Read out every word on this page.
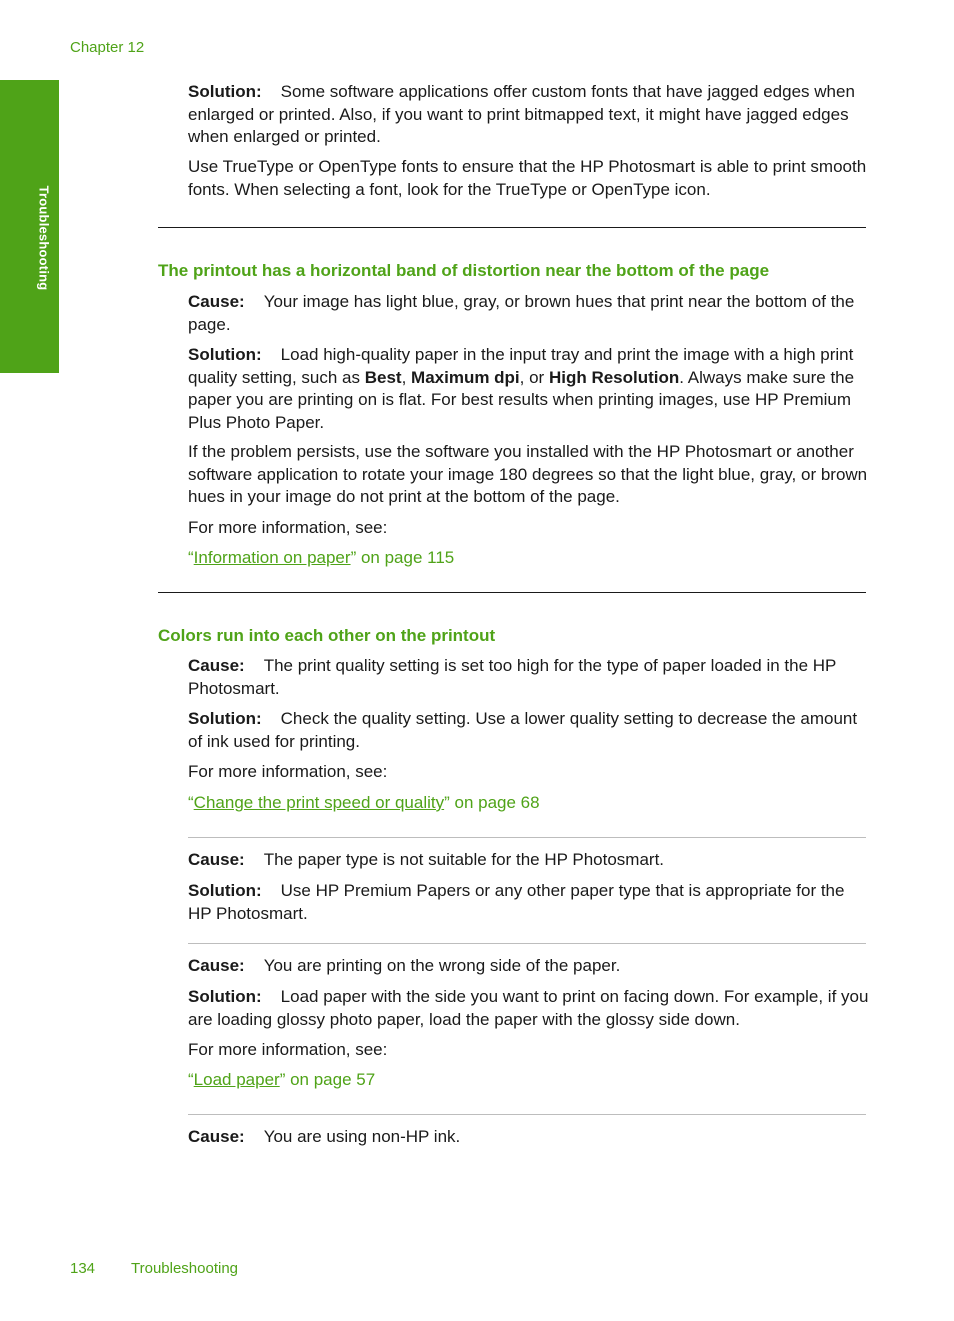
Chapter 12
Troubleshooting

Solution: Some software applications offer custom fonts that have jagged edges when enlarged or printed. Also, if you want to print bitmapped text, it might have jagged edges when enlarged or printed.

Use TrueType or OpenType fonts to ensure that the HP Photosmart is able to print smooth fonts. When selecting a font, look for the TrueType or OpenType icon.

The printout has a horizontal band of distortion near the bottom of the page

Cause: Your image has light blue, gray, or brown hues that print near the bottom of the page.

Solution: Load high-quality paper in the input tray and print the image with a high print quality setting, such as Best, Maximum dpi, or High Resolution. Always make sure the paper you are printing on is flat. For best results when printing images, use HP Premium Plus Photo Paper.

If the problem persists, use the software you installed with the HP Photosmart or another software application to rotate your image 180 degrees so that the light blue, gray, or brown hues in your image do not print at the bottom of the page.

For more information, see:

“Information on paper” on page 115

Colors run into each other on the printout

Cause: The print quality setting is set too high for the type of paper loaded in the HP Photosmart.

Solution: Check the quality setting. Use a lower quality setting to decrease the amount of ink used for printing.

For more information, see:

“Change the print speed or quality” on page 68

Cause: The paper type is not suitable for the HP Photosmart.

Solution: Use HP Premium Papers or any other paper type that is appropriate for the HP Photosmart.

Cause: You are printing on the wrong side of the paper.

Solution: Load paper with the side you want to print on facing down. For example, if you are loading glossy photo paper, load the paper with the glossy side down.

For more information, see:

“Load paper” on page 57

Cause: You are using non-HP ink.

134 Troubleshooting
